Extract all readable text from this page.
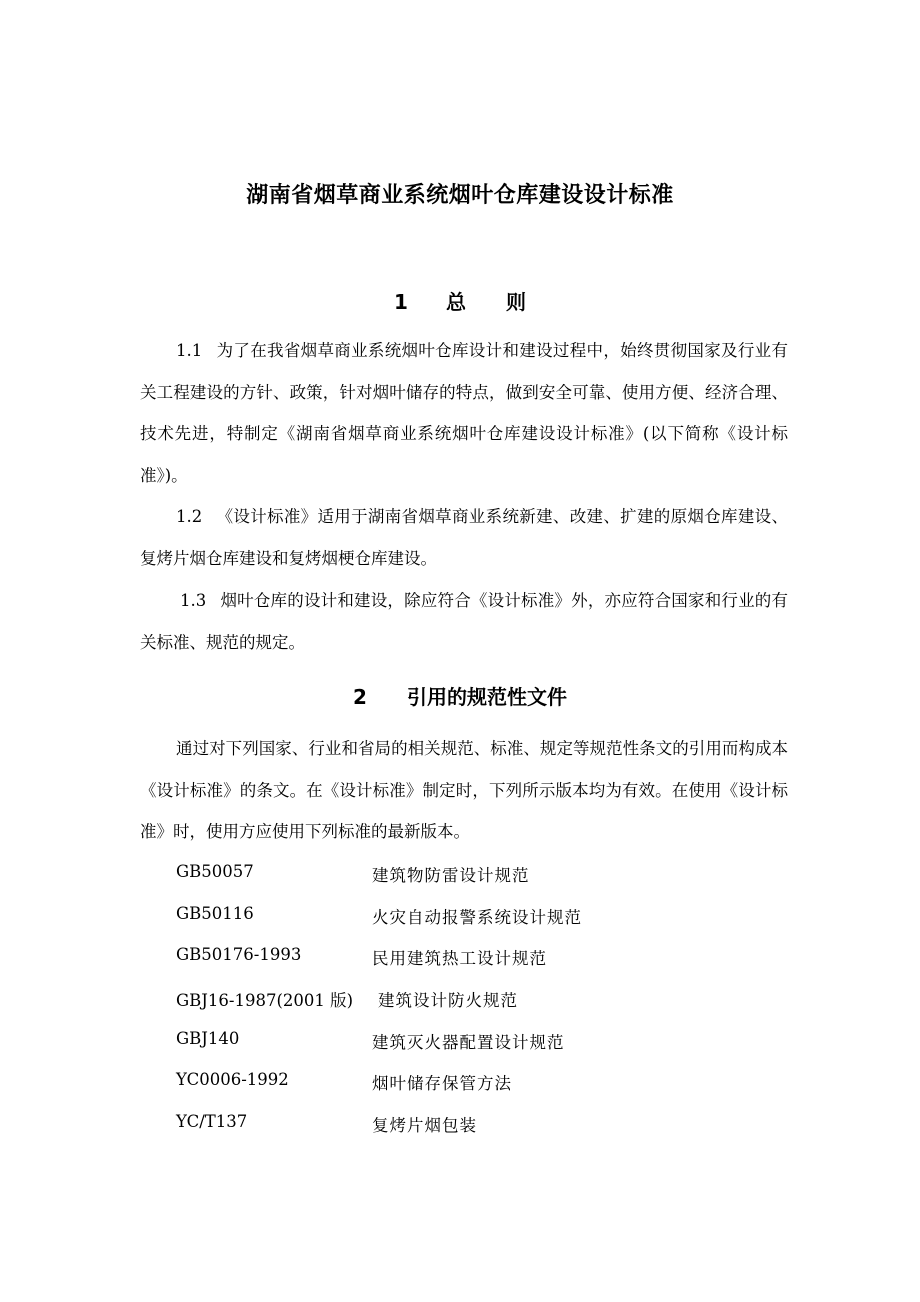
湖南省烟草商业系统烟叶仓库建设设计标准
1 总　　则

1.1 为了在我省烟草商业系统烟叶仓库设计和建设过程中，始终贯彻国家及行业有关工程建设的方针、政策，针对烟叶储存的特点，做到安全可靠、使用方便、经济合理、技术先进，特制定《湖南省烟草商业系统烟叶仓库建设设计标准》(以下简称《设计标准》)。

1.2 《设计标准》适用于湖南省烟草商业系统新建、改建、扩建的原烟仓库建设、复烤片烟仓库建设和复烤烟梗仓库建设。

1.3 烟叶仓库的设计和建设，除应符合《设计标准》外，亦应符合国家和行业的有关标准、规范的规定。

2 引用的规范性文件

通过对下列国家、行业和省局的相关规范、标准、规定等规范性条文的引用而构成本《设计标准》的条文。在《设计标准》制定时，下列所示版本均为有效。在使用《设计标准》时，使用方应使用下列标准的最新版本。

GB50057	建筑物防雷设计规范
GB50116	火灾自动报警系统设计规范
GB50176-1993	民用建筑热工设计规范
GBJ16-1987(2001 版) 建筑设计防火规范
GBJ140	建筑灭火器配置设计规范
YC0006-1992	烟叶储存保管方法
YC/T137	复烤片烟包装
